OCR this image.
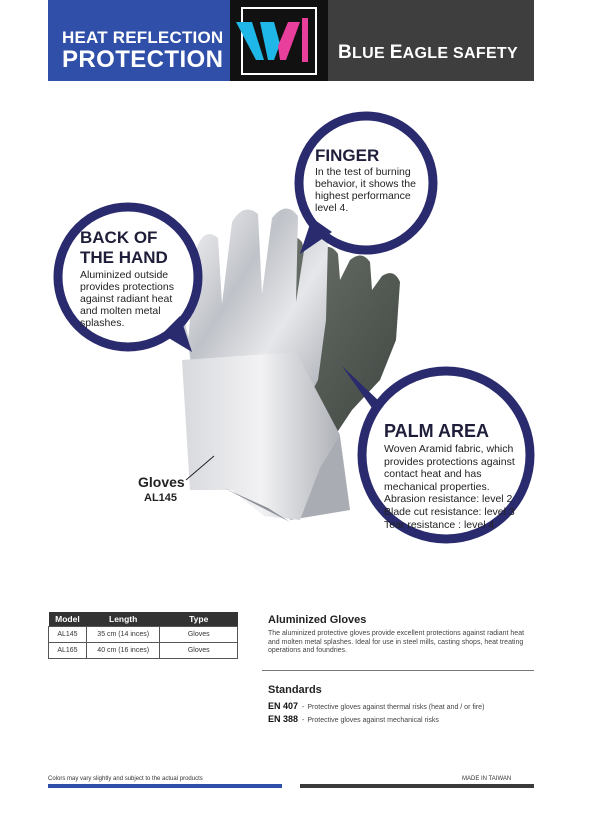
HEAT REFLECTION
PROTECTION	BLUE EAGLE SAFETY
FINGER
In the test of burning behavior, it shows the highest performance level 4.
BACK OF
THE HAND
Aluminized outside provides protections against radiant heat and molten metal splashes.
PALM AREA
Woven Aramid fabric, which provides protections against contact heat and has mechanical properties.
Abrasion resistance: level 2
Blade cut resistance: level 3
Tear resistance : level 4
Gloves
AL145
Model	Length	Type
AL145	35 cm (14 inces)	Gloves
AL165	40 cm (16 inces)	Gloves
Aluminized Gloves
The aluminized protective gloves provide excellent protections against radiant heat and molten metal splashes. Ideal for use in steel mills, casting shops, heat treating operations and foundries.
Standards
EN 407 - Protective gloves against thermal risks (heat and / or fire)
EN 388 - Protective gloves against mechanical risks
Colors may vary slightly and subject to the actual products	MADE IN TAIWAN
